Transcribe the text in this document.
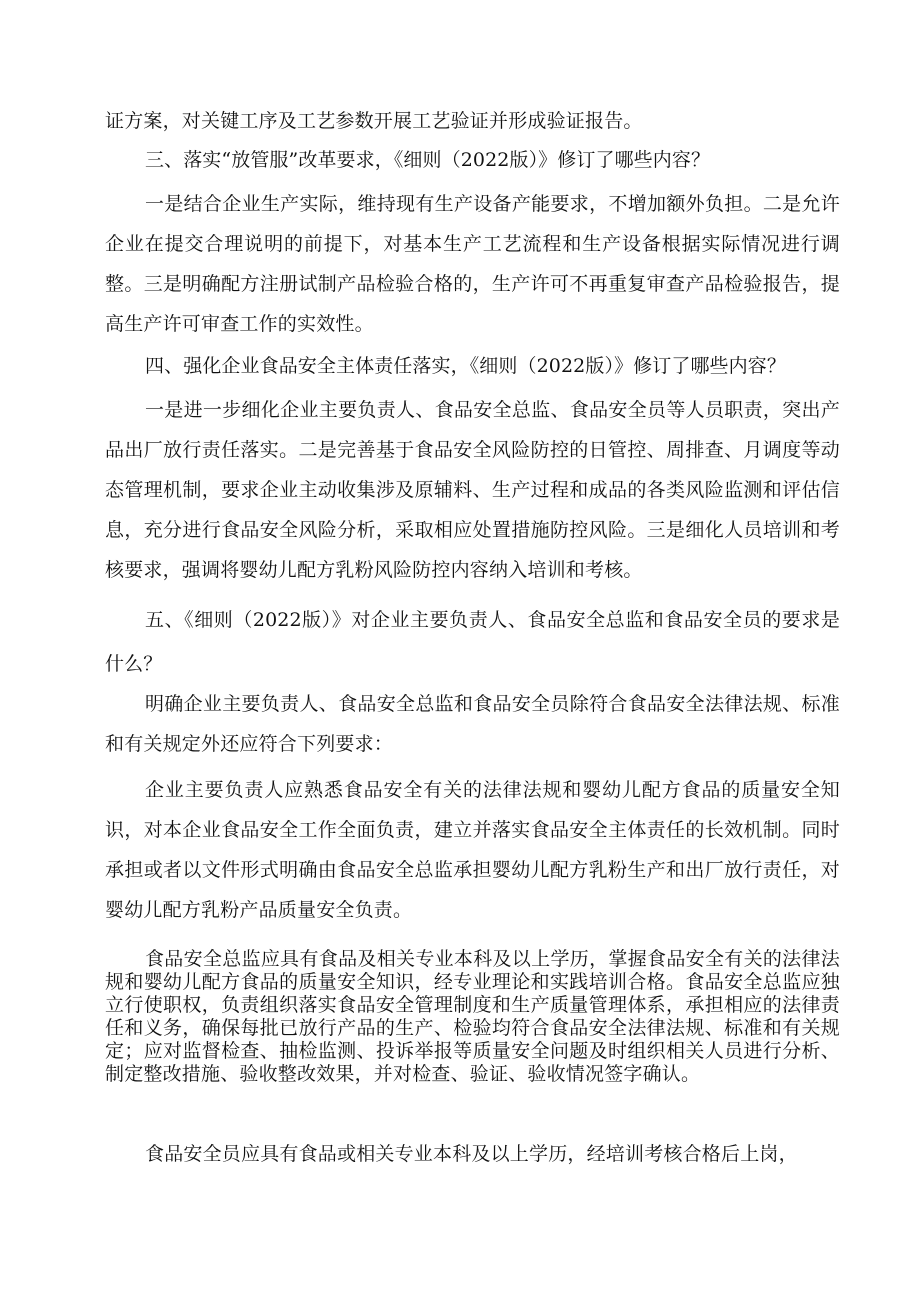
证方案，对关键工序及工艺参数开展工艺验证并形成验证报告。

三、落实“放管服”改革要求，《细则（2022版）》修订了哪些内容？

一是结合企业生产实际，维持现有生产设备产能要求，不增加额外负担。二是允许企业在提交合理说明的前提下，对基本生产工艺流程和生产设备根据实际情况进行调整。三是明确配方注册试制产品检验合格的，生产许可不再重复审查产品检验报告，提高生产许可审查工作的实效性。

四、强化企业食品安全主体责任落实，《细则（2022版）》修订了哪些内容？

一是进一步细化企业主要负责人、食品安全总监、食品安全员等人员职责，突出产品出厂放行责任落实。二是完善基于食品安全风险防控的日管控、周排查、月调度等动态管理机制，要求企业主动收集涉及原辅料、生产过程和成品的各类风险监测和评估信息，充分进行食品安全风险分析，采取相应处置措施防控风险。三是细化人员培训和考核要求，强调将婴幼儿配方乳粉风险防控内容纳入培训和考核。

五、《细则（2022版）》对企业主要负责人、食品安全总监和食品安全员的要求是什么？

明确企业主要负责人、食品安全总监和食品安全员除符合食品安全法律法规、标准和有关规定外还应符合下列要求：

企业主要负责人应熟悉食品安全有关的法律法规和婴幼儿配方食品的质量安全知识，对本企业食品安全工作全面负责，建立并落实食品安全主体责任的长效机制。同时承担或者以文件形式明确由食品安全总监承担婴幼儿配方乳粉生产和出厂放行责任，对婴幼儿配方乳粉产品质量安全负责。

食品安全总监应具有食品及相关专业本科及以上学历，掌握食品安全有关的法律法规和婴幼儿配方食品的质量安全知识，经专业理论和实践培训合格。食品安全总监应独立行使职权，负责组织落实食品安全管理制度和生产质量管理体系，承担相应的法律责任和义务，确保每批已放行产品的生产、检验均符合食品安全法律法规、标准和有关规定；应对监督检查、抽检监测、投诉举报等质量安全问题及时组织相关人员进行分析、制定整改措施、验收整改效果，并对检查、验证、验收情况签字确认。

食品安全员应具有食品或相关专业本科及以上学历，经培训考核合格后上岗，
